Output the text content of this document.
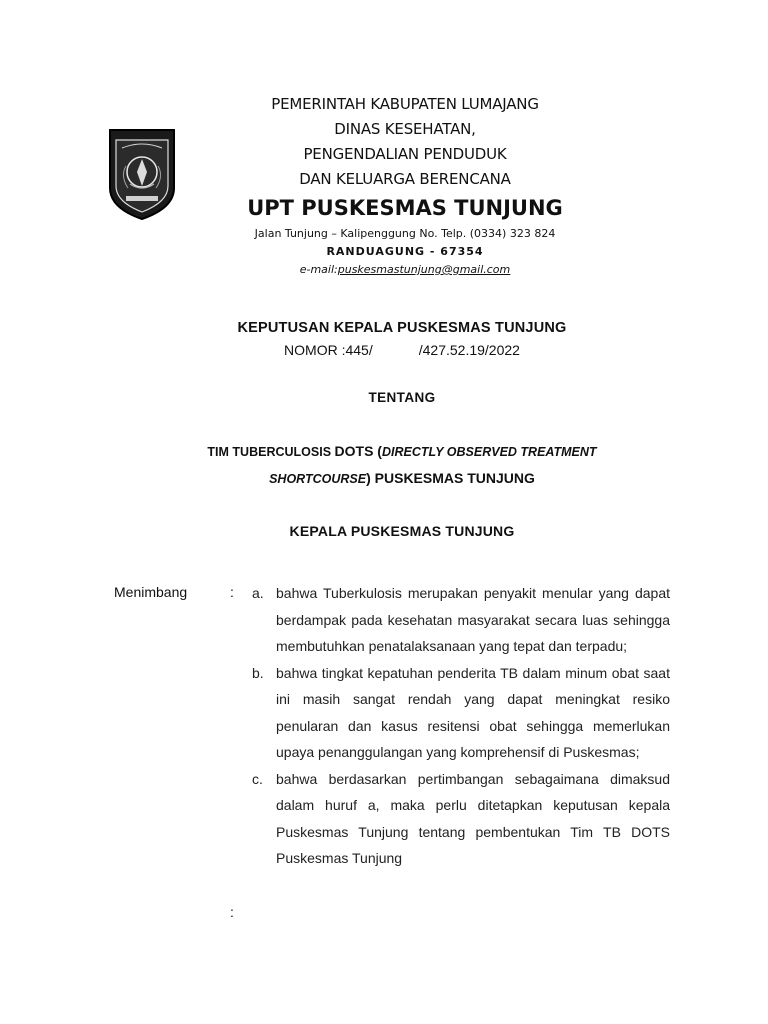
PEMERINTAH KABUPATEN LUMAJANG
DINAS KESEHATAN,
PENGENDALIAN PENDUDUK
DAN KELUARGA BERENCANA
UPT PUSKESMAS TUNJUNG
Jalan Tunjung – Kalipenggung No. Telp. (0334) 323 824
RANDUAGUNG - 67354
e-mail:puskesmastunjung@gmail.com
KEPUTUSAN KEPALA PUSKESMAS TUNJUNG
NOMOR :445/	/427.52.19/2022
TENTANG
TIM TUBERCULOSIS DOTS (DIRECTLY OBSERVED TREATMENT
SHORTCOURSE) PUSKESMAS TUNJUNG
KEPALA PUSKESMAS TUNJUNG
Menimbang	: a. bahwa Tuberkulosis merupakan penyakit menular yang dapat berdampak pada kesehatan masyarakat secara luas sehingga membutuhkan penatalaksanaan yang tepat dan terpadu;
b. bahwa tingkat kepatuhan penderita TB dalam minum obat saat ini masih sangat rendah yang dapat meningkat resiko penularan dan kasus resitensi obat sehingga memerlukan upaya penanggulangan yang komprehensif di Puskesmas;
c. bahwa berdasarkan pertimbangan sebagaimana dimaksud dalam huruf a, maka perlu ditetapkan keputusan kepala Puskesmas Tunjung tentang pembentukan Tim TB DOTS Puskesmas Tunjung
:
